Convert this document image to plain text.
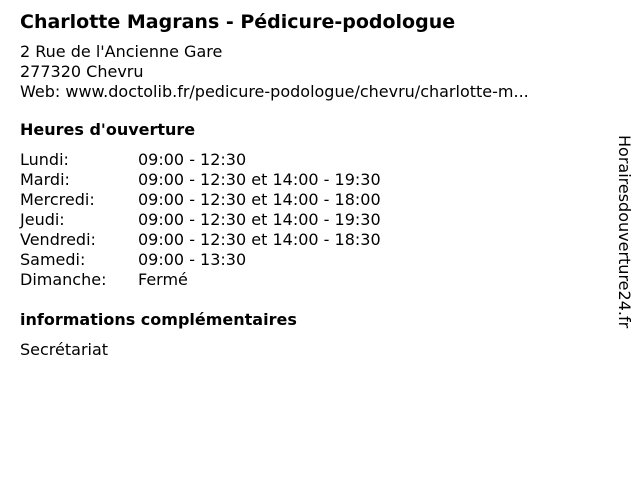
Charlotte Magrans - Pédicure-podologue
2 Rue de l'Ancienne Gare
277320 Chevru
Web: www.doctolib.fr/pedicure-podologue/chevru/charlotte-m...
Heures d'ouverture
Lundi:	09:00 - 12:30
Mardi:	09:00 - 12:30 et 14:00 - 19:30
Mercredi:	09:00 - 12:30 et 14:00 - 18:00
Jeudi:	09:00 - 12:30 et 14:00 - 19:30
Vendredi:	09:00 - 12:30 et 14:00 - 18:30
Samedi:	09:00 - 13:30
Dimanche:	Fermé
informations complémentaires
Secrétariat
Horairesdouverture24.fr
